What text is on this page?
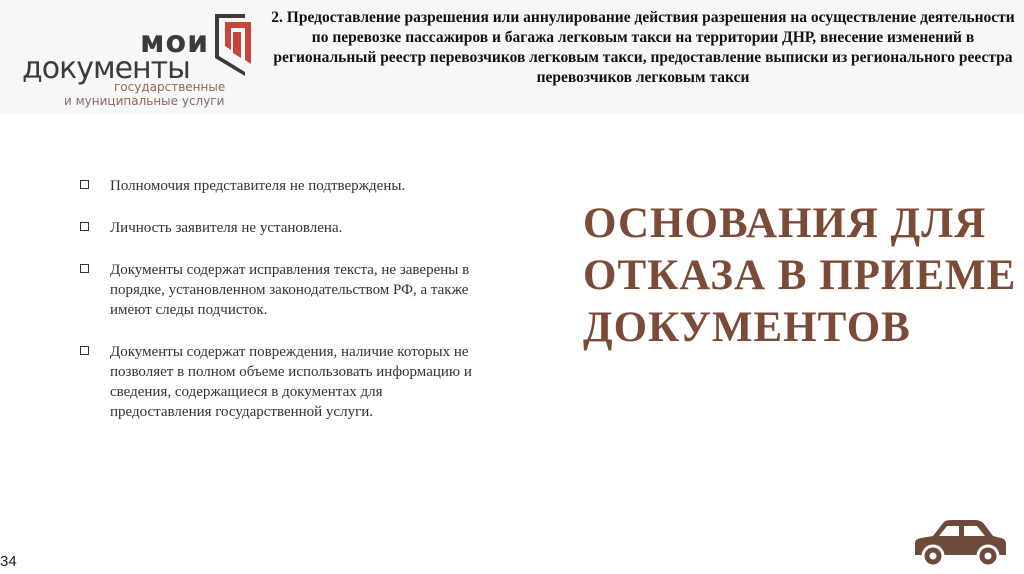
мои
документы
государственные
и муниципальные услуги
2. Предоставление разрешения или аннулирование действия разрешения на осуществление деятельности по перевозке пассажиров и багажа легковым такси на территории ДНР, внесение изменений в региональный реестр перевозчиков легковым такси, предоставление выписки из регионального реестра перевозчиков легковым такси
Полномочия представителя не подтверждены.
Личность заявителя не установлена.
Документы содержат исправления текста, не заверены в порядке, установленном законодательством РФ, а также имеют следы подчисток.
Документы содержат повреждения, наличие которых не позволяет в полном объеме использовать информацию и сведения, содержащиеся в документах для предоставления государственной услуги.
ОСНОВАНИЯ ДЛЯ
ОТКАЗА В ПРИЕМЕ
ДОКУМЕНТОВ
34
